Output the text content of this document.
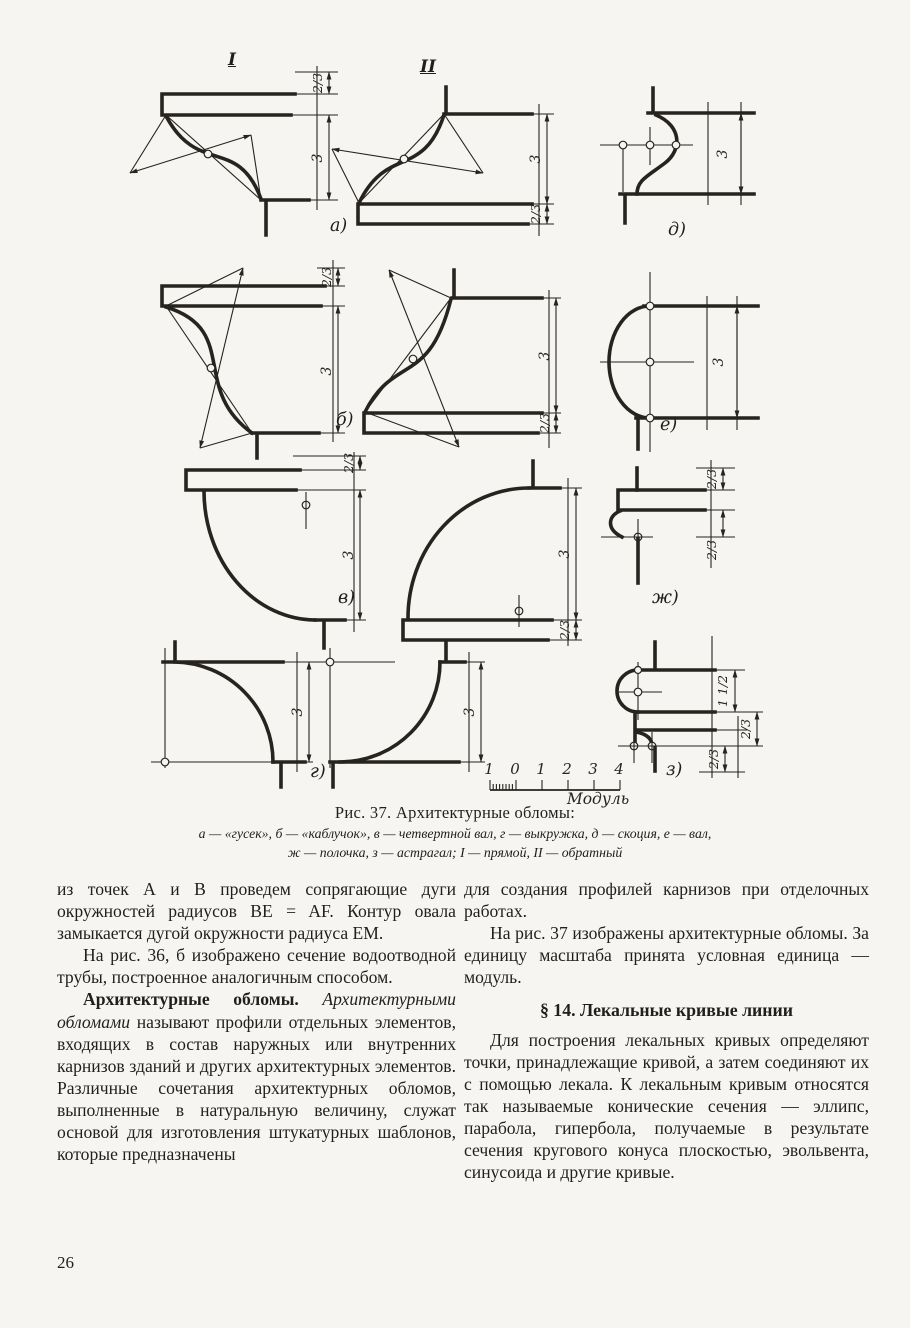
I	II
2/3
3	3
2/3
2/3
3
3
2/3
2/3
3	3
2/3
3	3
3
3
2/3
2/3
1 1/2
2/3
2/3
1 0 1 2 3 4
Модуль
а)	д)
б)	е)
в)	ж)
г)	з)
Рис. 37. Архитектурные обломы:
а — «гусек», б — «каблучок», в — четвертной вал, г — выкружка, д — скоция, е — вал,
ж — полочка, з — астрагал; I — прямой, II — обратный

из точек А и В проведем сопрягающие дуги окружностей радиусов BE = AF. Контур овала замыкается дугой окружности радиуса EM.

На рис. 36, б изображено сечение водоотводной трубы, построенное аналогичным способом.

Архитектурные обломы. Архитектурными обломами называют профили отдельных элементов, входящих в состав наружных или внутренних карнизов зданий и других архитектурных элементов. Различные сочетания архитектурных обломов, выполненные в натуральную величину, служат основой для изготовления штукатурных шаблонов, которые предназначены

для создания профилей карнизов при отделочных работах.

На рис. 37 изображены архитектурные обломы. За единицу масштаба принята условная единица — модуль.

§ 14. Лекальные кривые линии

Для построения лекальных кривых определяют точки, принадлежащие кривой, а затем соединяют их с помощью лекала. К лекальным кривым относятся так называемые конические сечения — эллипс, парабола, гипербола, получаемые в результате сечения кругового конуса плоскостью, эвольвента, синусоида и другие кривые.

26
